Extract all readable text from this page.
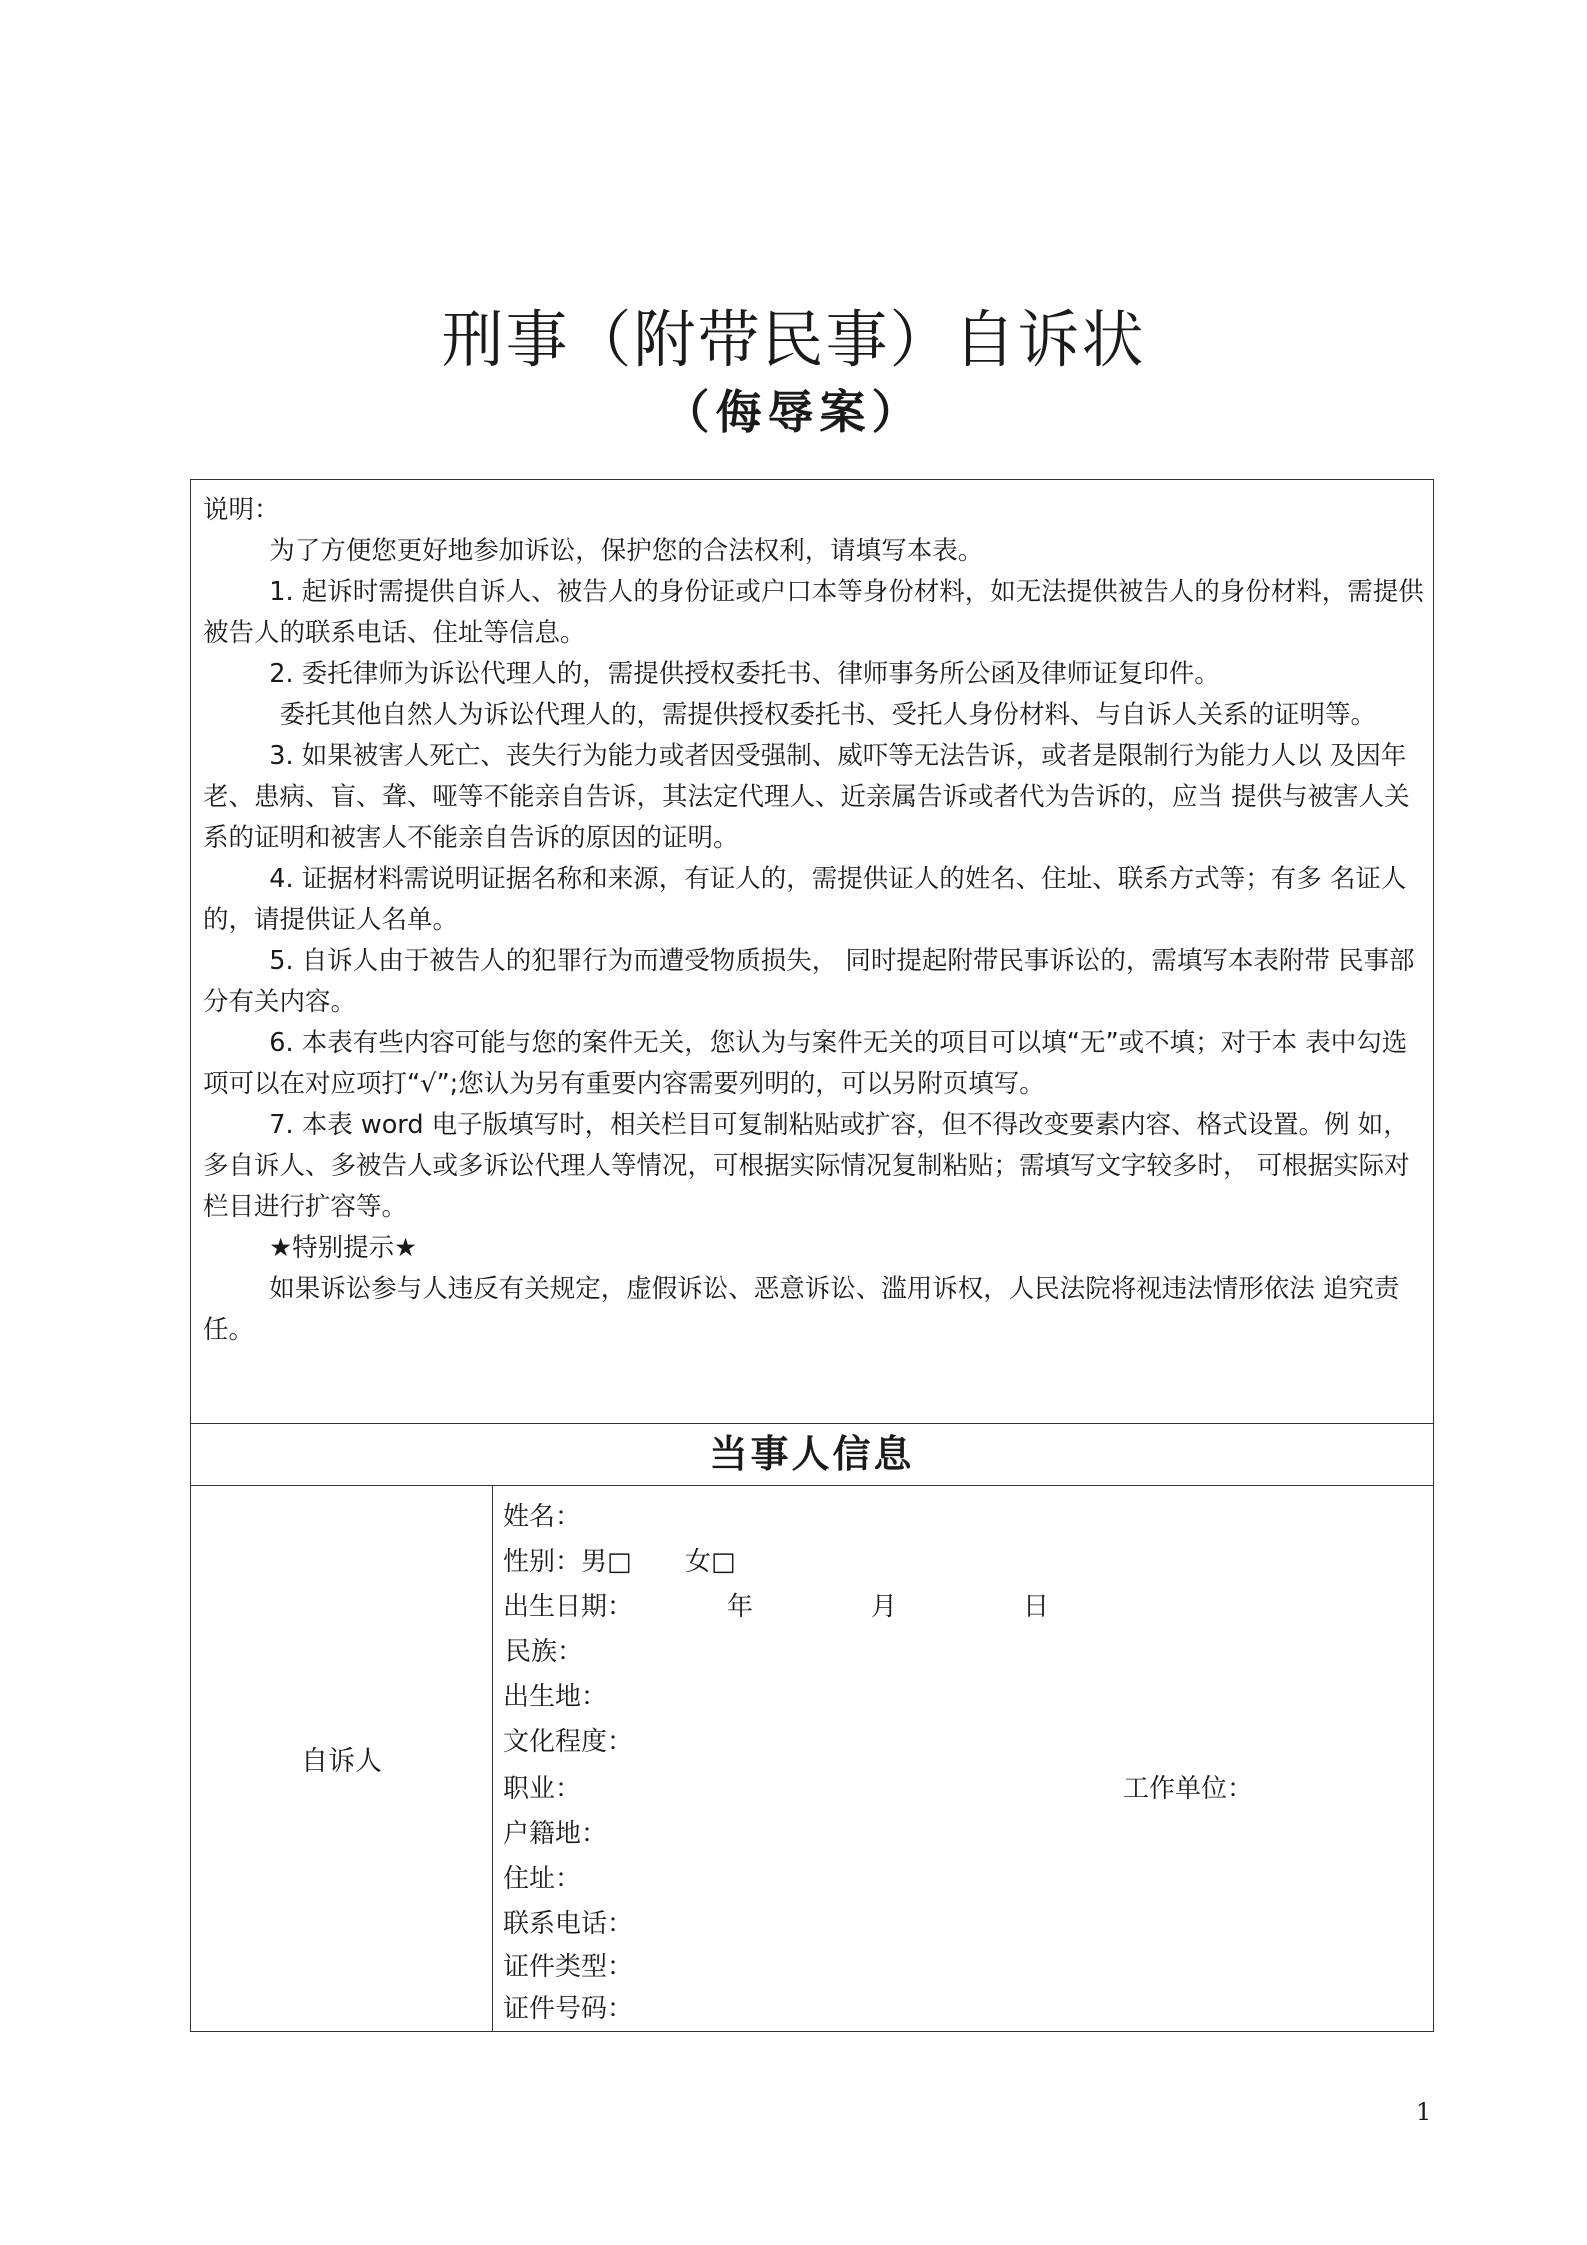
刑事（附带民事）自诉状
（侮辱案）

说明：

为了方便您更好地参加诉讼，保护您的合法权利，请填写本表。

1. 起诉时需提供自诉人、被告人的身份证或户口本等身份材料，如无法提供被告人的身份材料，需提供被告人的联系电话、住址等信息。

2. 委托律师为诉讼代理人的，需提供授权委托书、律师事务所公函及律师证复印件。

委托其他自然人为诉讼代理人的，需提供授权委托书、受托人身份材料、与自诉人关系的证明等。

3. 如果被害人死亡、丧失行为能力或者因受强制、威吓等无法告诉，或者是限制行为能力人以 及因年老、患病、盲、聋、哑等不能亲自告诉，其法定代理人、近亲属告诉或者代为告诉的，应当 提供与被害人关系的证明和被害人不能亲自告诉的原因的证明。

4. 证据材料需说明证据名称和来源，有证人的，需提供证人的姓名、住址、联系方式等；有多 名证人的，请提供证人名单。

5. 自诉人由于被告人的犯罪行为而遭受物质损失， 同时提起附带民事诉讼的，需填写本表附带 民事部分有关内容。

6. 本表有些内容可能与您的案件无关，您认为与案件无关的项目可以填“无”或不填；对于本 表中勾选项可以在对应项打“√”;您认为另有重要内容需要列明的，可以另附页填写。

7. 本表 word 电子版填写时，相关栏目可复制粘贴或扩容，但不得改变要素内容、格式设置。例 如，多自诉人、多被告人或多诉讼代理人等情况，可根据实际情况复制粘贴；需填写文字较多时， 可根据实际对栏目进行扩容等。

★特别提示★

如果诉讼参与人违反有关规定，虚假诉讼、恶意诉讼、滥用诉权，人民法院将视违法情形依法 追究责任。

当事人信息
自诉人
姓名：
性别：男□ 女□
出生日期：	年	月	日
民族：
出生地：
文化程度：
职业：	工作单位：
户籍地：
住址：
联系电话：
证件类型：
证件号码：
1
